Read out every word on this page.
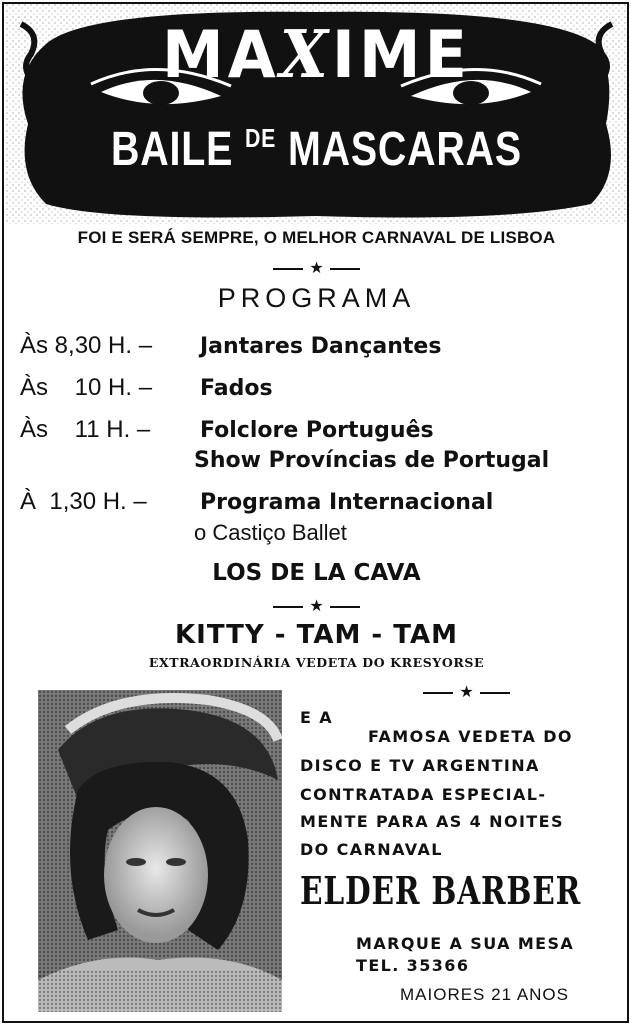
MAXIME
BAILE $^{DE}$ MASCARAS
FOI E SERÁ SEMPRE, O MELHOR CARNAVAL DE LISBOA
★
PROGRAMA
Às 8,30 H. – Jantares Dançantes
Às    10 H. – Fados
Às    11 H. – Folclore Português
Show Províncias de Portugal
À  1,30 H. – Programa Internacional
o Castiço Ballet
LOS DE LA CAVA
★
KITTY - TAM - TAM
EXTRAORDINÁRIA VEDETA DO KRESYORSE
★
E A
FAMOSA VEDETA DO
DISCO E TV ARGENTINA
CONTRATADA ESPECIAL-
MENTE PARA AS 4 NOITES
DO CARNAVAL
ELDER BARBER
MARQUE A SUA MESA
TEL. 35366
MAIORES 21 ANOS
